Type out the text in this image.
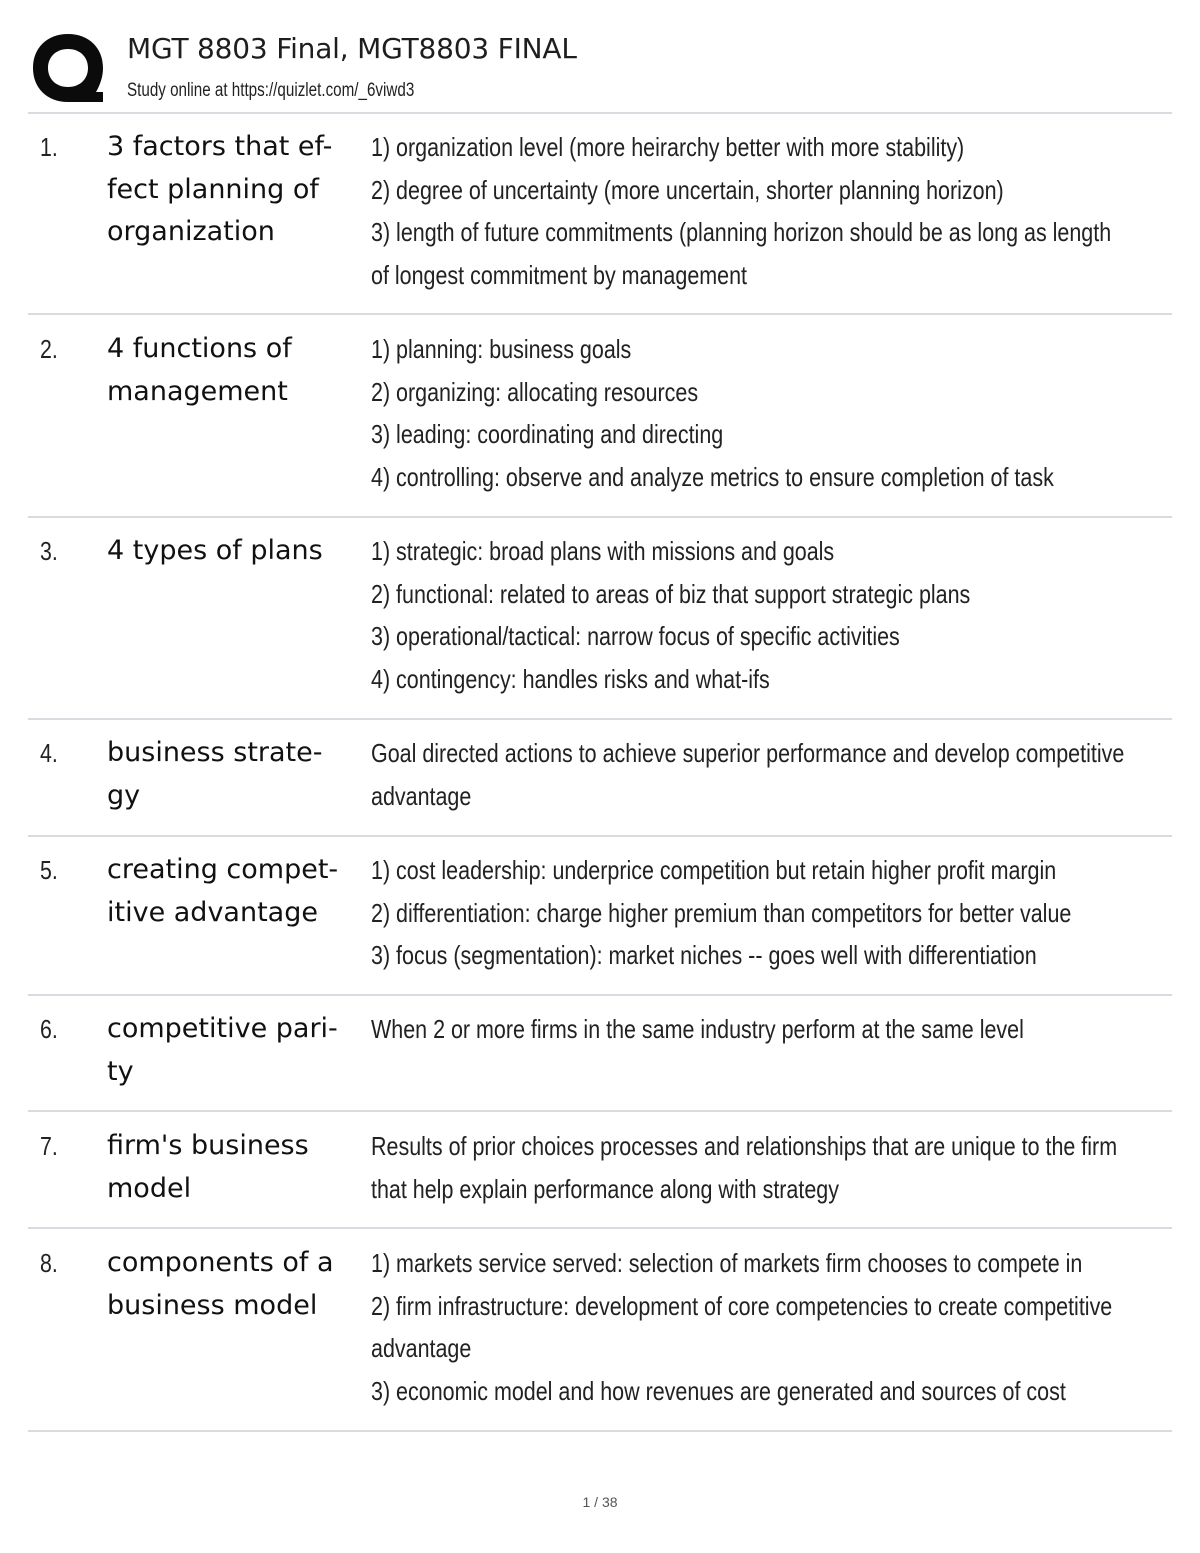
MGT 8803 Final, MGT8803 FINAL
Study online at https://quizlet.com/_6viwd3
1. 3 factors that ef-
fect planning of
organization
1) organization level (more heirarchy better with more stability)
2) degree of uncertainty (more uncertain, shorter planning horizon)
3) length of future commitments (planning horizon should be as long as length
of longest commitment by management
2. 4 functions of
management
1) planning: business goals
2) organizing: allocating resources
3) leading: coordinating and directing
4) controlling: observe and analyze metrics to ensure completion of task
3. 4 types of plans	1) strategic: broad plans with missions and goals
2) functional: related to areas of biz that support strategic plans
3) operational/tactical: narrow focus of specific activities
4) contingency: handles risks and what-ifs
4. business strate-
gy
Goal directed actions to achieve superior performance and develop competitive
advantage
5. creating compet-
itive advantage
1) cost leadership: underprice competition but retain higher profit margin
2) differentiation: charge higher premium than competitors for better value
3) focus (segmentation): market niches -- goes well with differentiation
6. competitive pari-
ty
When 2 or more firms in the same industry perform at the same level
7. firm's business
model
Results of prior choices processes and relationships that are unique to the firm
that help explain performance along with strategy
8. components of a
business model
1) markets service served: selection of markets firm chooses to compete in
2) firm infrastructure: development of core competencies to create competitive
advantage
3) economic model and how revenues are generated and sources of cost
1 / 38
